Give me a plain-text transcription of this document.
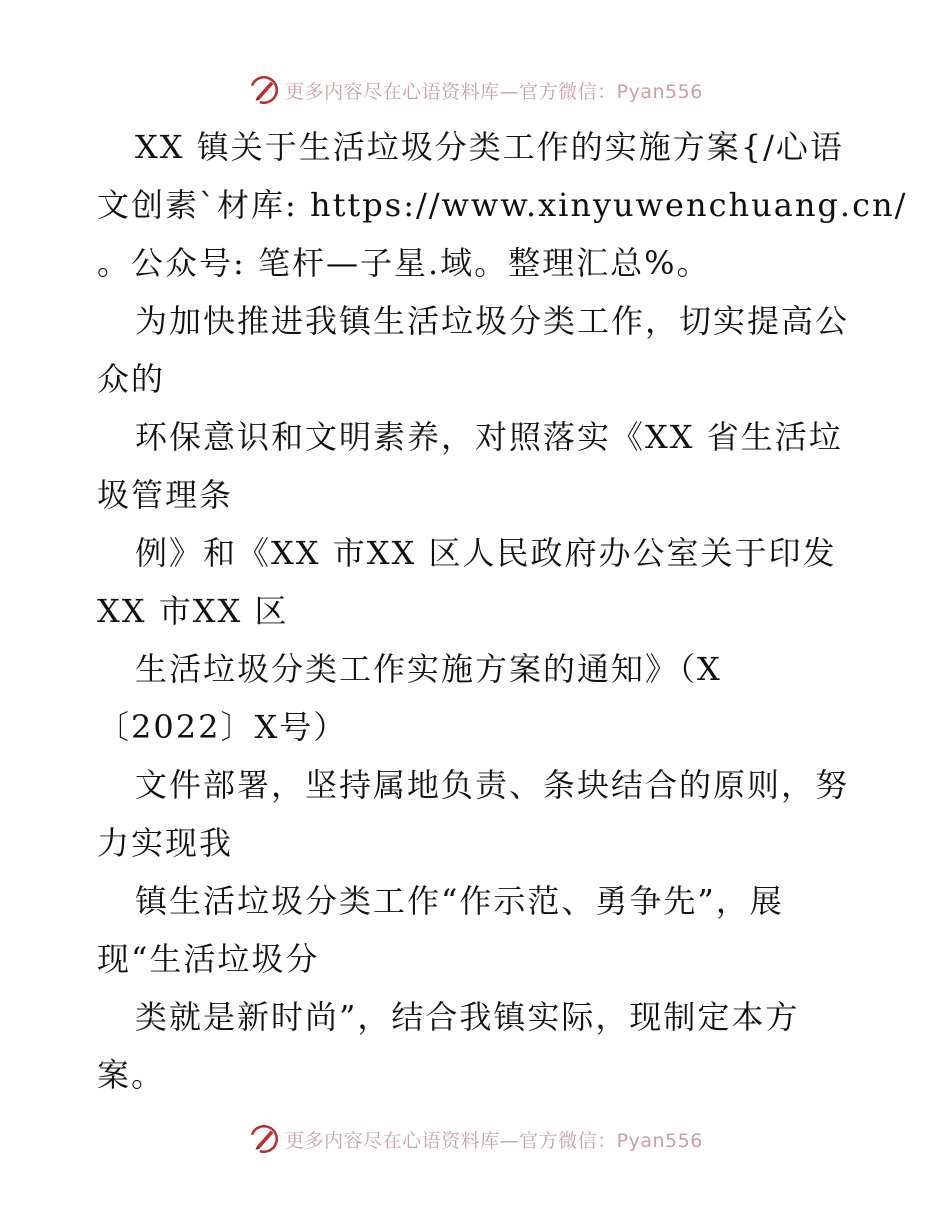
更多内容尽在心语资料库—官方微信：Pyan556
XX 镇关于生活垃圾分类工作的实施方案{/心语
文创素`材库: https://www.xinyuwenchuang.cn/
。公众号: 笔杆—子星.域。整理汇总%。
为加快推进我镇生活垃圾分类工作，切实提高公
众的
环保意识和文明素养，对照落实《XX 省生活垃
圾管理条
例》和《XX 市XX 区人民政府办公室关于印发
XX 市XX 区
生活垃圾分类工作实施方案的通知》（X
〔2022〕X号）
文件部署，坚持属地负责、条块结合的原则，努
力实现我
镇生活垃圾分类工作“作示范、勇争先”，展
现“生活垃圾分
类就是新时尚”，结合我镇实际，现制定本方
案。
更多内容尽在心语资料库—官方微信：Pyan556
